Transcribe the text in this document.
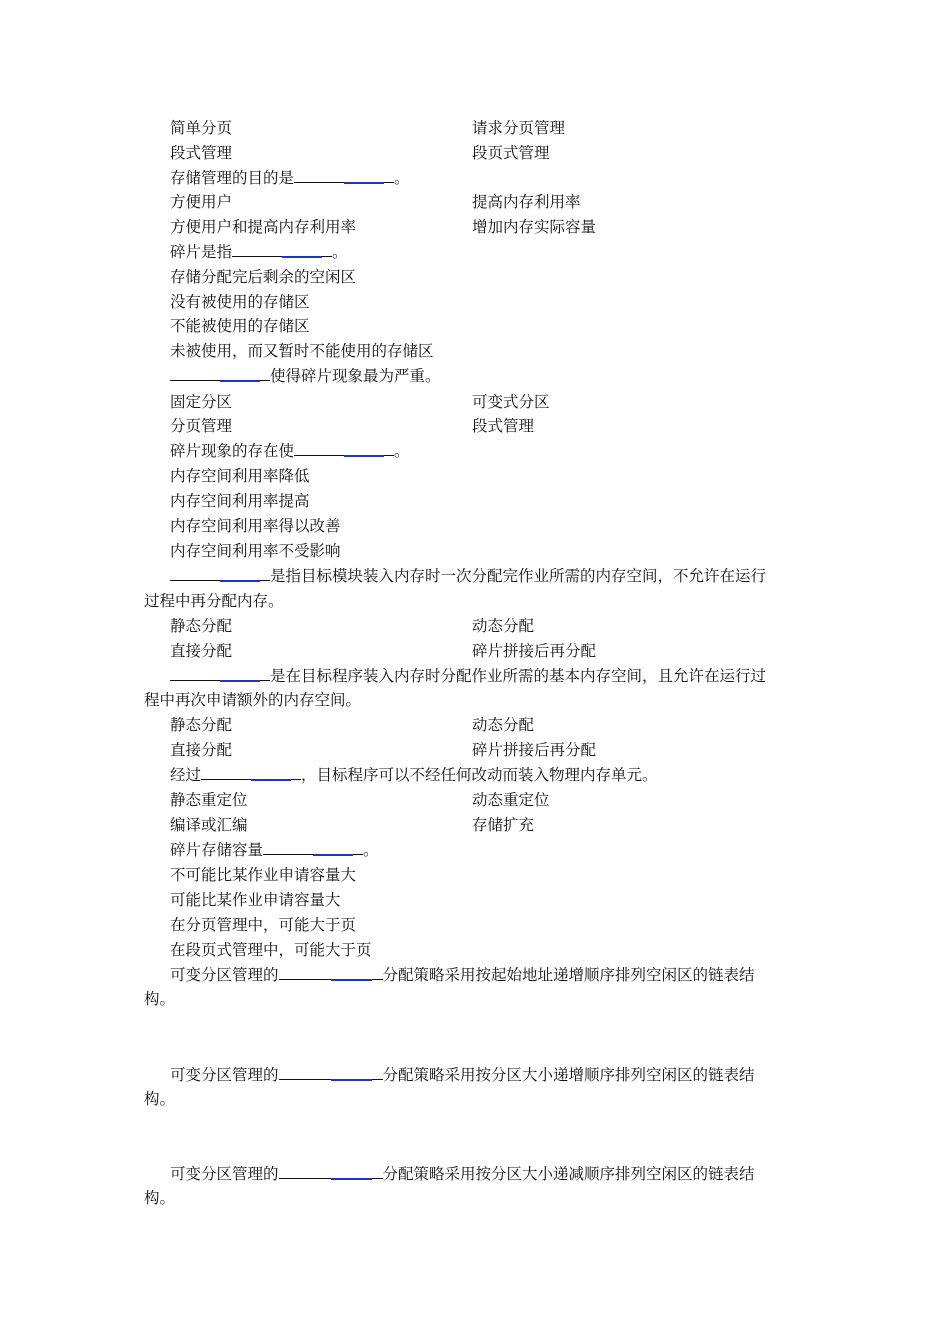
简单分页	请求分页管理
段式管理	段页式管理
存储管理的目的是	。
方便用户	提高内存利用率
方便用户和提高内存利用率	增加内存实际容量
碎片是指	。
存储分配完后剩余的空闲区
没有被使用的存储区
不能被使用的存储区
未被使用，而又暂时不能使用的存储区
使得碎片现象最为严重。
固定分区	可变式分区
分页管理	段式管理
碎片现象的存在使	。
内存空间利用率降低
内存空间利用率提高
内存空间利用率得以改善
内存空间利用率不受影响
是指目标模块装入内存时一次分配完作业所需的内存空间，不允许在运行
过程中再分配内存。
静态分配	动态分配
直接分配	碎片拼接后再分配
是在目标程序装入内存时分配作业所需的基本内存空间，且允许在运行过
程中再次申请额外的内存空间。
静态分配	动态分配
直接分配	碎片拼接后再分配
经过	，目标程序可以不经任何改动而装入物理内存单元。
静态重定位	动态重定位
编译或汇编	存储扩充
碎片存储容量	。
不可能比某作业申请容量大
可能比某作业申请容量大
在分页管理中，可能大于页
在段页式管理中，可能大于页
可变分区管理的	分配策略采用按起始地址递增顺序排列空闲区的链表结
构。
可变分区管理的	分配策略采用按分区大小递增顺序排列空闲区的链表结
构。
可变分区管理的	分配策略采用按分区大小递减顺序排列空闲区的链表结
构。
